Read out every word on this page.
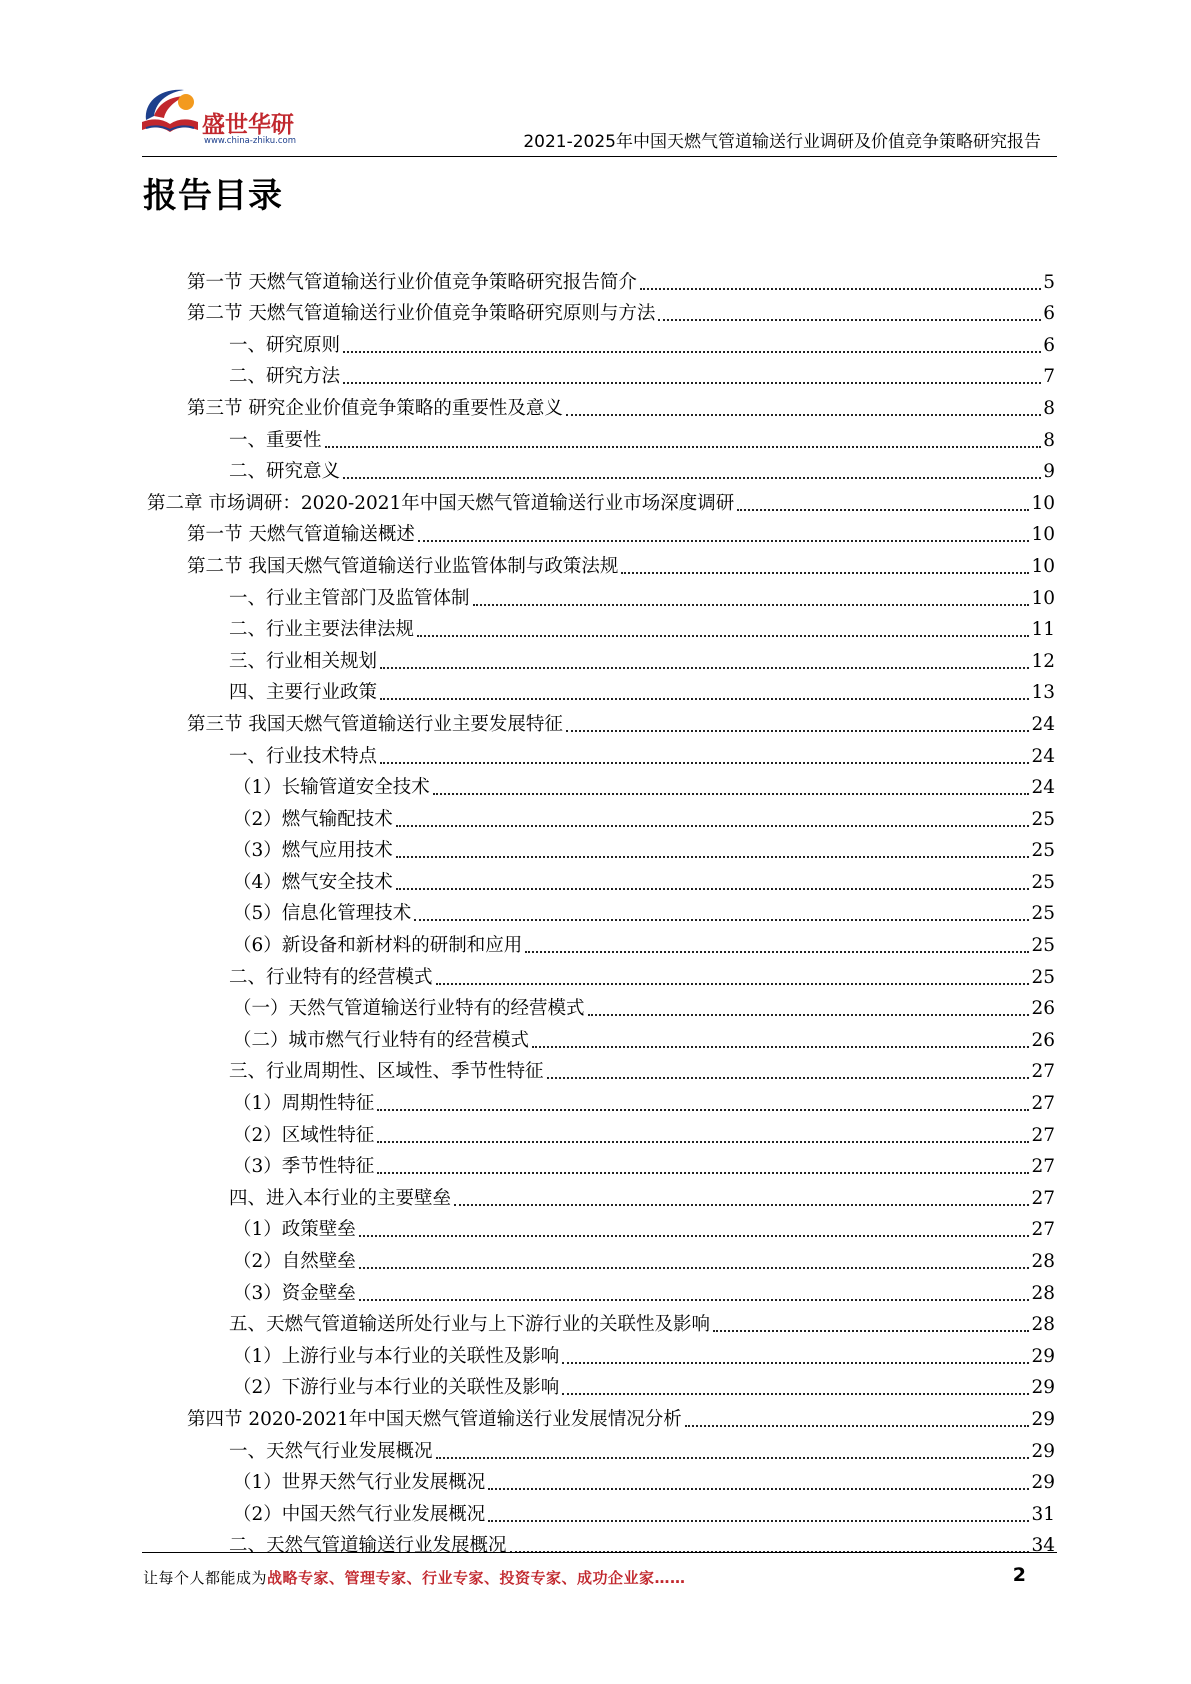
盛世华研
www.china-zhiku.com	2021-2025年中国天燃气管道输送行业调研及价值竞争策略研究报告
报告目录
第一节 天燃气管道输送行业价值竞争策略研究报告简介	5
第二节 天燃气管道输送行业价值竞争策略研究原则与方法	6
一、研究原则	6
二、研究方法	7
第三节 研究企业价值竞争策略的重要性及意义	8
一、重要性	8
二、研究意义	9
第二章 市场调研：2020-2021年中国天燃气管道输送行业市场深度调研	10
第一节 天燃气管道输送概述	10
第二节 我国天燃气管道输送行业监管体制与政策法规	10
一、行业主管部门及监管体制	10
二、行业主要法律法规	11
三、行业相关规划	12
四、主要行业政策	13
第三节 我国天燃气管道输送行业主要发展特征	24
一、行业技术特点	24
（1）长输管道安全技术	24
（2）燃气输配技术	25
（3）燃气应用技术	25
（4）燃气安全技术	25
（5）信息化管理技术	25
（6）新设备和新材料的研制和应用	25
二、行业特有的经营模式	25
（一）天然气管道输送行业特有的经营模式	26
（二）城市燃气行业特有的经营模式	26
三、行业周期性、区域性、季节性特征	27
（1）周期性特征	27
（2）区域性特征	27
（3）季节性特征	27
四、进入本行业的主要壁垒	27
（1）政策壁垒	27
（2）自然壁垒	28
（3）资金壁垒	28
五、天燃气管道输送所处行业与上下游行业的关联性及影响	28
（1）上游行业与本行业的关联性及影响	29
（2）下游行业与本行业的关联性及影响	29
第四节 2020-2021年中国天燃气管道输送行业发展情况分析	29
一、天然气行业发展概况	29
（1）世界天然气行业发展概况	29
（2）中国天然气行业发展概况	31
二、天然气管道输送行业发展概况	34
让每个人都能成为战略专家、管理专家、行业专家、投资专家、成功企业家……	2
